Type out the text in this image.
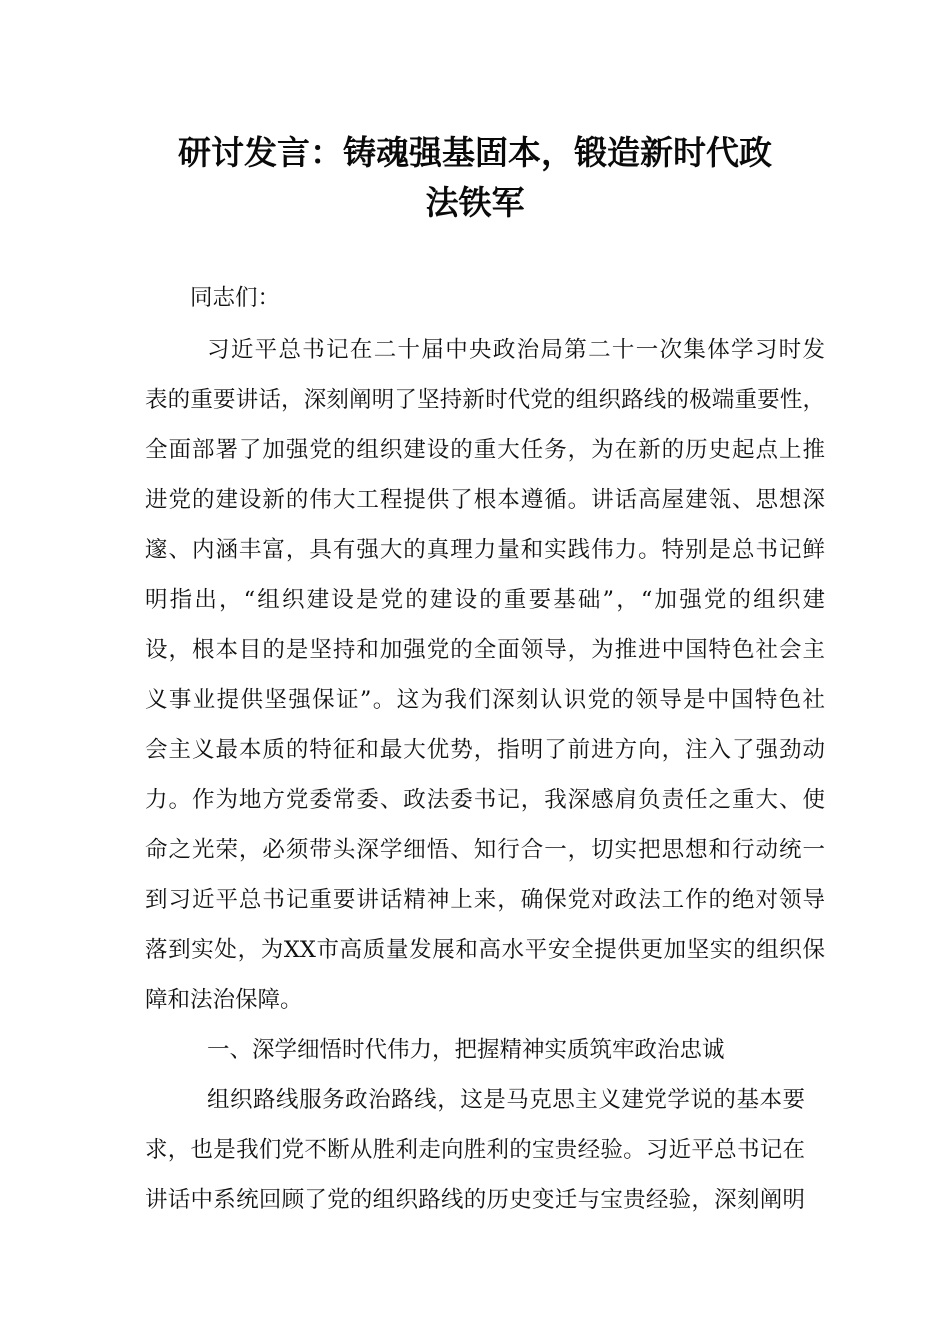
研讨发言：铸魂强基固本，锻造新时代政
法铁军
同志们：
习近平总书记在二十届中央政治局第二十一次集体学习时发
表的重要讲话，深刻阐明了坚持新时代党的组织路线的极端重要性，
全面部署了加强党的组织建设的重大任务，为在新的历史起点上推
进党的建设新的伟大工程提供了根本遵循。讲话高屋建瓴、思想深
邃、内涵丰富，具有强大的真理力量和实践伟力。特别是总书记鲜
明指出，“组织建设是党的建设的重要基础”，“加强党的组织建
设，根本目的是坚持和加强党的全面领导，为推进中国特色社会主
义事业提供坚强保证”。这为我们深刻认识党的领导是中国特色社
会主义最本质的特征和最大优势，指明了前进方向，注入了强劲动
力。作为地方党委常委、政法委书记，我深感肩负责任之重大、使
命之光荣，必须带头深学细悟、知行合一，切实把思想和行动统一
到习近平总书记重要讲话精神上来，确保党对政法工作的绝对领导
落到实处，为XX市高质量发展和高水平安全提供更加坚实的组织保
障和法治保障。
一、深学细悟时代伟力，把握精神实质筑牢政治忠诚
组织路线服务政治路线，这是马克思主义建党学说的基本要
求，也是我们党不断从胜利走向胜利的宝贵经验。习近平总书记在
讲话中系统回顾了党的组织路线的历史变迁与宝贵经验，深刻阐明
